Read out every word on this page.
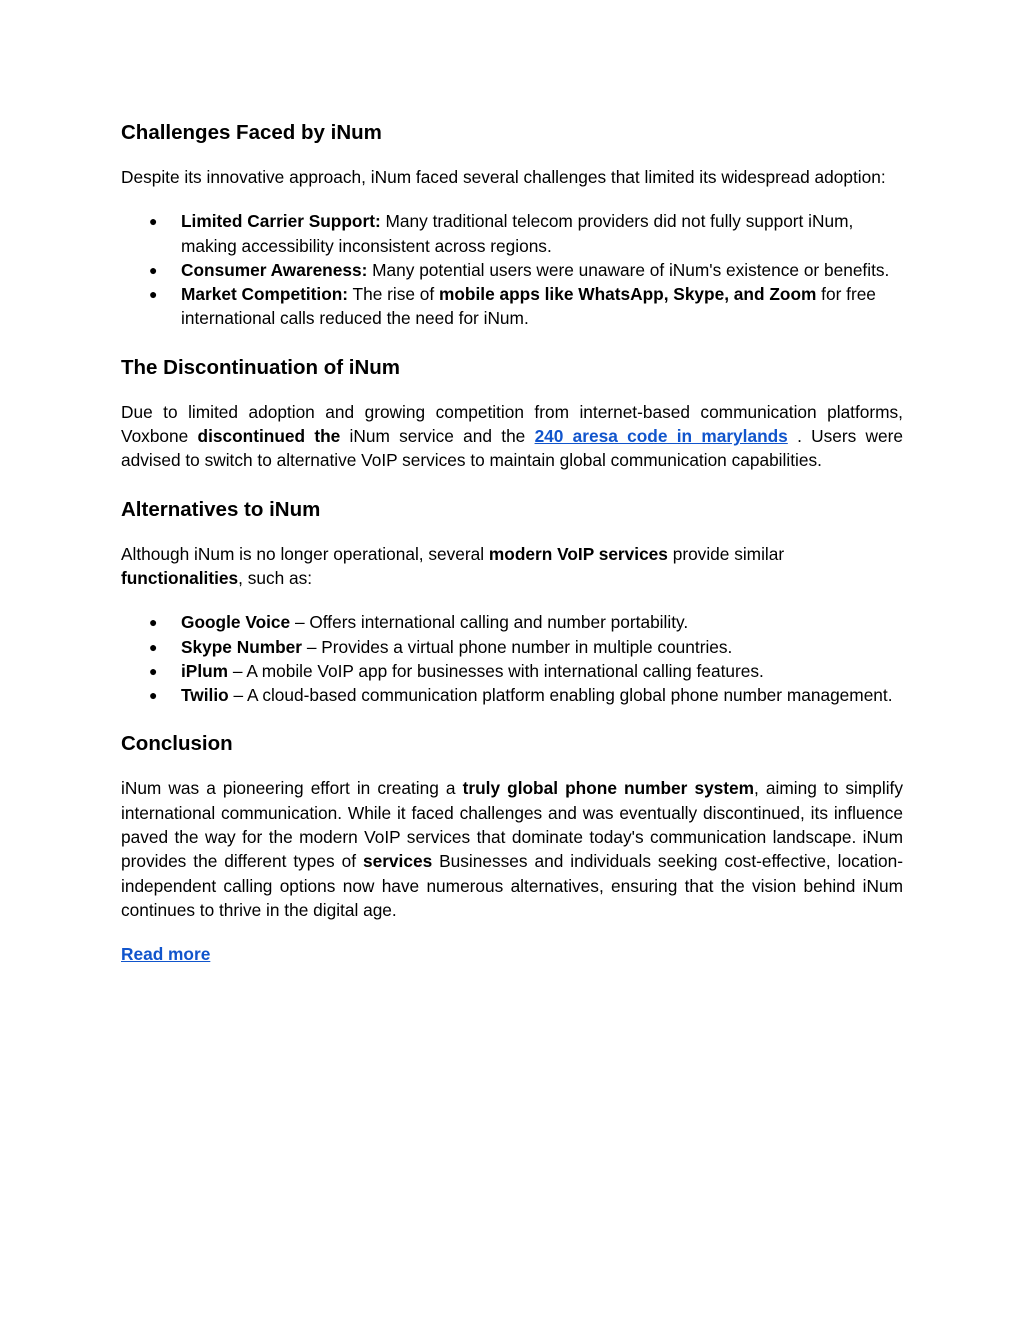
Challenges Faced by iNum

Despite its innovative approach, iNum faced several challenges that limited its widespread adoption:

● Limited Carrier Support: Many traditional telecom providers did not fully support iNum, making accessibility inconsistent across regions.
● Consumer Awareness: Many potential users were unaware of iNum's existence or benefits.
● Market Competition: The rise of mobile apps like WhatsApp, Skype, and Zoom for free international calls reduced the need for iNum.
The Discontinuation of iNum

Due to limited adoption and growing competition from internet-based communication platforms, Voxbone discontinued the iNum service and the 240 aresa code in marylands . Users were advised to switch to alternative VoIP services to maintain global communication capabilities.

Alternatives to iNum

Although iNum is no longer operational, several modern VoIP services provide similar functionalities, such as:

● Google Voice – Offers international calling and number portability.
● Skype Number – Provides a virtual phone number in multiple countries.
● iPlum – A mobile VoIP app for businesses with international calling features.
● Twilio – A cloud-based communication platform enabling global phone number management.
Conclusion

iNum was a pioneering effort in creating a truly global phone number system, aiming to simplify international communication. While it faced challenges and was eventually discontinued, its influence paved the way for the modern VoIP services that dominate today's communication landscape. iNum provides the different types of services Businesses and individuals seeking cost-effective, location-independent calling options now have numerous alternatives, ensuring that the vision behind iNum continues to thrive in the digital age.

Read more
